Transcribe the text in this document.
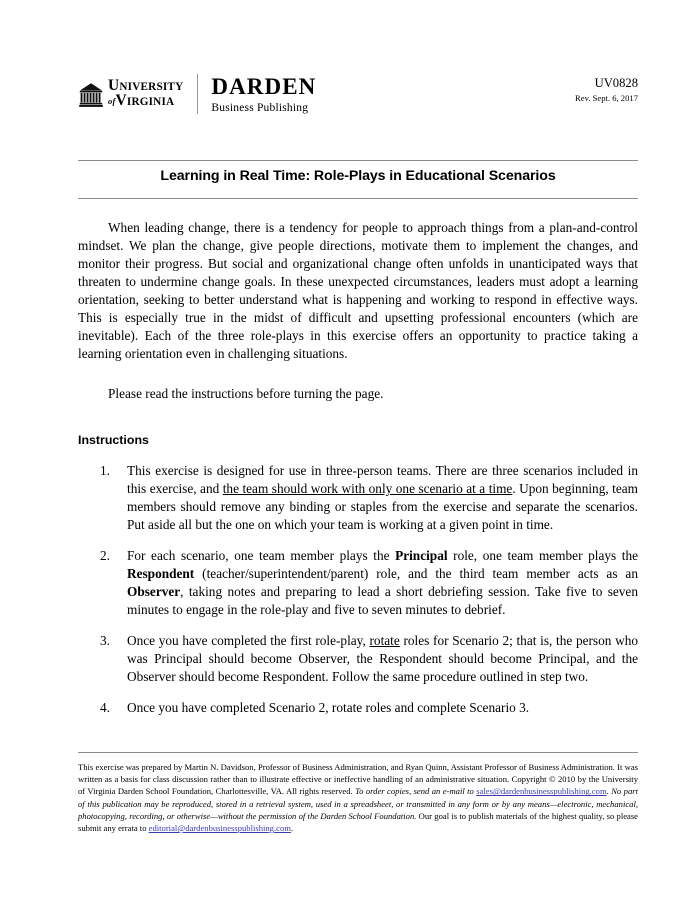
UNIVERSITY
ofVIRGINIA
DARDEN
Business Publishing
UV0828
Rev. Sept. 6, 2017
Learning in Real Time: Role-Plays in Educational Scenarios

When leading change, there is a tendency for people to approach things from a plan-and-control mindset. We plan the change, give people directions, motivate them to implement the changes, and monitor their progress. But social and organizational change often unfolds in unanticipated ways that threaten to undermine change goals. In these unexpected circumstances, leaders must adopt a learning orientation, seeking to better understand what is happening and working to respond in effective ways. This is especially true in the midst of difficult and upsetting professional encounters (which are inevitable). Each of the three role-plays in this exercise offers an opportunity to practice taking a learning orientation even in challenging situations.

Please read the instructions before turning the page.

Instructions
1.	This exercise is designed for use in three-person teams. There are three scenarios included in this exercise, and the team should work with only one scenario at a time. Upon beginning, team members should remove any binding or staples from the exercise and separate the scenarios. Put aside all but the one on which your team is working at a given point in time.
2.	For each scenario, one team member plays the Principal role, one team member plays the Respondent (teacher/superintendent/parent) role, and the third team member acts as an Observer, taking notes and preparing to lead a short debriefing session. Take five to seven minutes to engage in the role-play and five to seven minutes to debrief.
3.	Once you have completed the first role-play, rotate roles for Scenario 2; that is, the person who was Principal should become Observer, the Respondent should become Principal, and the Observer should become Respondent. Follow the same procedure outlined in step two.
4.	Once you have completed Scenario 2, rotate roles and complete Scenario 3.
This exercise was prepared by Martin N. Davidson, Professor of Business Administration, and Ryan Quinn, Assistant Professor of Business Administration. It was written as a basis for class discussion rather than to illustrate effective or ineffective handling of an administrative situation. Copyright © 2010 by the University of Virginia Darden School Foundation, Charlottesville, VA. All rights reserved. To order copies, send an e-mail to sales@dardenbusinesspublishing.com. No part of this publication may be reproduced, stored in a retrieval system, used in a spreadsheet, or transmitted in any form or by any means—electronic, mechanical, photocopying, recording, or otherwise—without the permission of the Darden School Foundation. Our goal is to publish materials of the highest quality, so please submit any errata to editorial@dardenbusinesspublishing.com.
